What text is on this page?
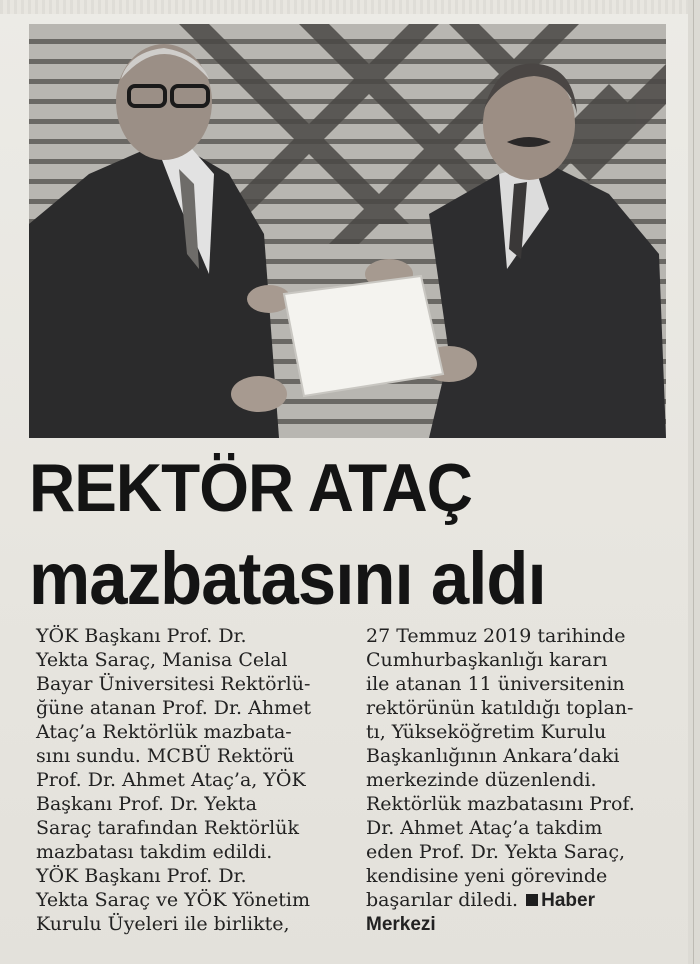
REKTÖR ATAÇ
mazbatasını aldı
YÖK Başkanı Prof. Dr.
Yekta Saraç, Manisa Celal
Bayar Üniversitesi Rektörlü-
ğüne atanan Prof. Dr. Ahmet
Ataç’a Rektörlük mazbata-
sını sundu. MCBÜ Rektörü
Prof. Dr. Ahmet Ataç’a, YÖK
Başkanı Prof. Dr. Yekta
Saraç tarafından Rektörlük
mazbatası takdim edildi.
YÖK Başkanı Prof. Dr.
Yekta Saraç ve YÖK Yönetim
Kurulu Üyeleri ile birlikte,
27 Temmuz 2019 tarihinde
Cumhurbaşkanlığı kararı
ile atanan 11 üniversitenin
rektörünün katıldığı toplan-
tı, Yükseköğretim Kurulu
Başkanlığının Ankara’daki
merkezinde düzenlendi.
Rektörlük mazbatasını Prof.
Dr. Ahmet Ataç’a takdim
eden Prof. Dr. Yekta Saraç,
kendisine yeni görevinde
başarılar diledi. Haber
Merkezi
